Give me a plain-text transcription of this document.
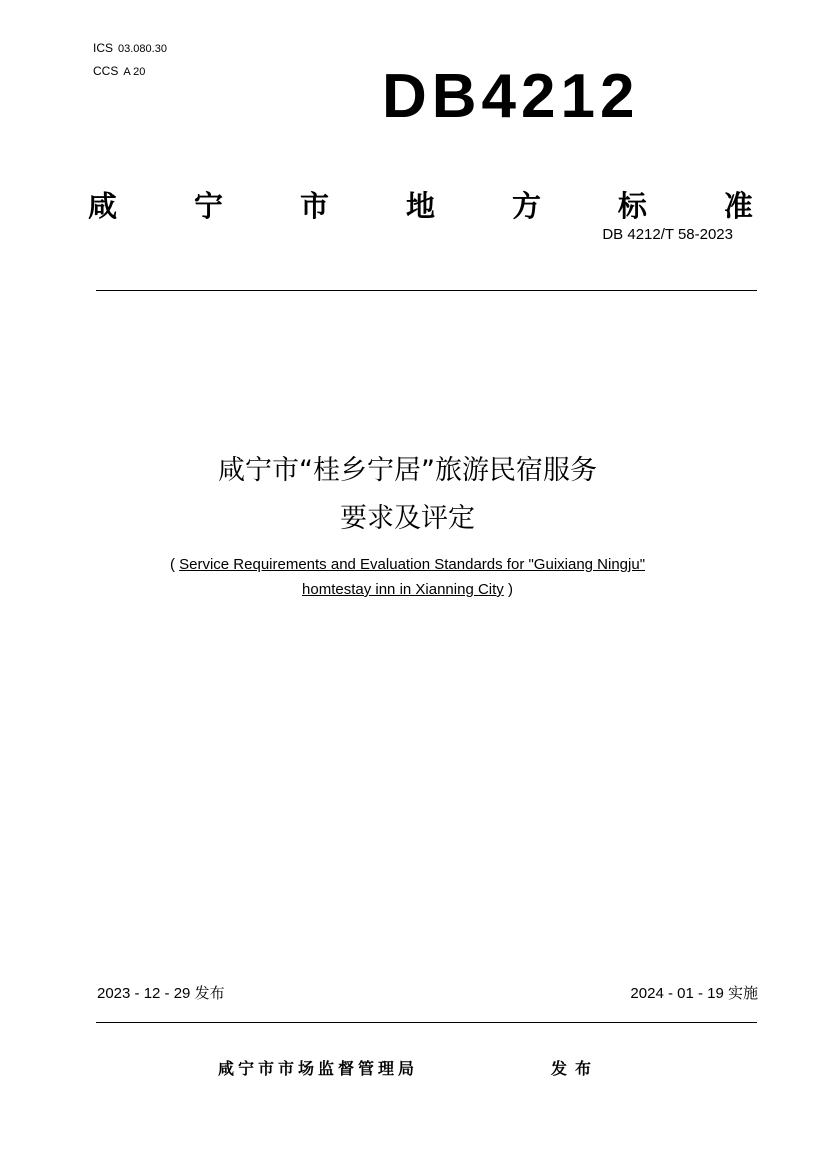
ICS 03.080.30
CCS A 20	DB4212
咸	宁	市	地	方	标	准
DB 4212/T 58-2023
咸宁市“桂乡宁居”旅游民宿服务
要求及评定
( Service Requirements and Evaluation Standards for "Guixiang Ningju"
homtestay inn in Xianning City )
2023 - 12 - 29 发布	2024 - 01 - 19 实施
咸宁市市场监督管理局	发布
